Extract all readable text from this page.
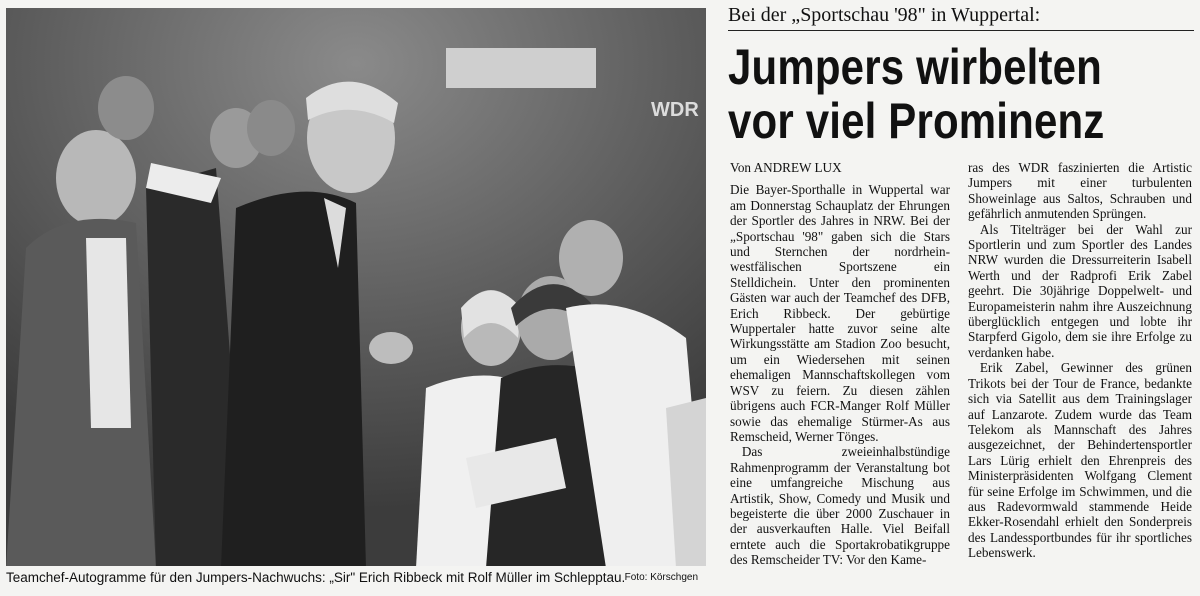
WDR
Teamchef-Autogramme für den Jumpers-Nachwuchs: „Sir" Erich Ribbeck mit Rolf Müller im Schlepptau. Foto: Körschgen
Bei der „Sportschau '98" in Wuppertal:
Jumpers wirbelten
vor viel Prominenz
Von ANDREW LUX

Die Bayer-Sporthalle in Wuppertal war am Donnerstag Schauplatz der Ehrungen der Sportler des Jahres in NRW. Bei der „Sportschau '98" gaben sich die Stars und Sternchen der nordrhein-westfälischen Sportszene ein Stelldichein. Unter den prominenten Gästen war auch der Teamchef des DFB, Erich Ribbeck. Der gebürtige Wuppertaler hatte zuvor seine alte Wirkungsstätte am Stadion Zoo besucht, um ein Wiedersehen mit seinen ehemaligen Mannschaftskollegen vom WSV zu feiern. Zu diesen zählen übrigens auch FCR-Manger Rolf Müller sowie das ehemalige Stürmer-As aus Remscheid, Werner Tönges.

Das zweieinhalbstündige Rahmenprogramm der Veranstaltung bot eine umfangreiche Mischung aus Artistik, Show, Comedy und Musik und begeisterte die über 2000 Zuschauer in der ausverkauften Halle. Viel Beifall erntete auch die Sportakrobatikgruppe des Remscheider TV: Vor den Kame-

ras des WDR faszinierten die Artistic Jumpers mit einer turbulenten Showeinlage aus Saltos, Schrauben und gefährlich anmutenden Sprüngen.

Als Titelträger bei der Wahl zur Sportlerin und zum Sportler des Landes NRW wurden die Dressurreiterin Isabell Werth und der Radprofi Erik Zabel geehrt. Die 30jährige Doppelwelt- und Europameisterin nahm ihre Auszeichnung überglücklich entgegen und lobte ihr Starpferd Gigolo, dem sie ihre Erfolge zu verdanken habe.

Erik Zabel, Gewinner des grünen Trikots bei der Tour de France, bedankte sich via Satellit aus dem Trainingslager auf Lanzarote. Zudem wurde das Team Telekom als Mannschaft des Jahres ausgezeichnet, der Behindertensportler Lars Lürig erhielt den Ehrenpreis des Ministerpräsidenten Wolfgang Clement für seine Erfolge im Schwimmen, und die aus Radevormwald stammende Heide Ekker-Rosendahl erhielt den Sonderpreis des Landessportbundes für ihr sportliches Lebenswerk.
